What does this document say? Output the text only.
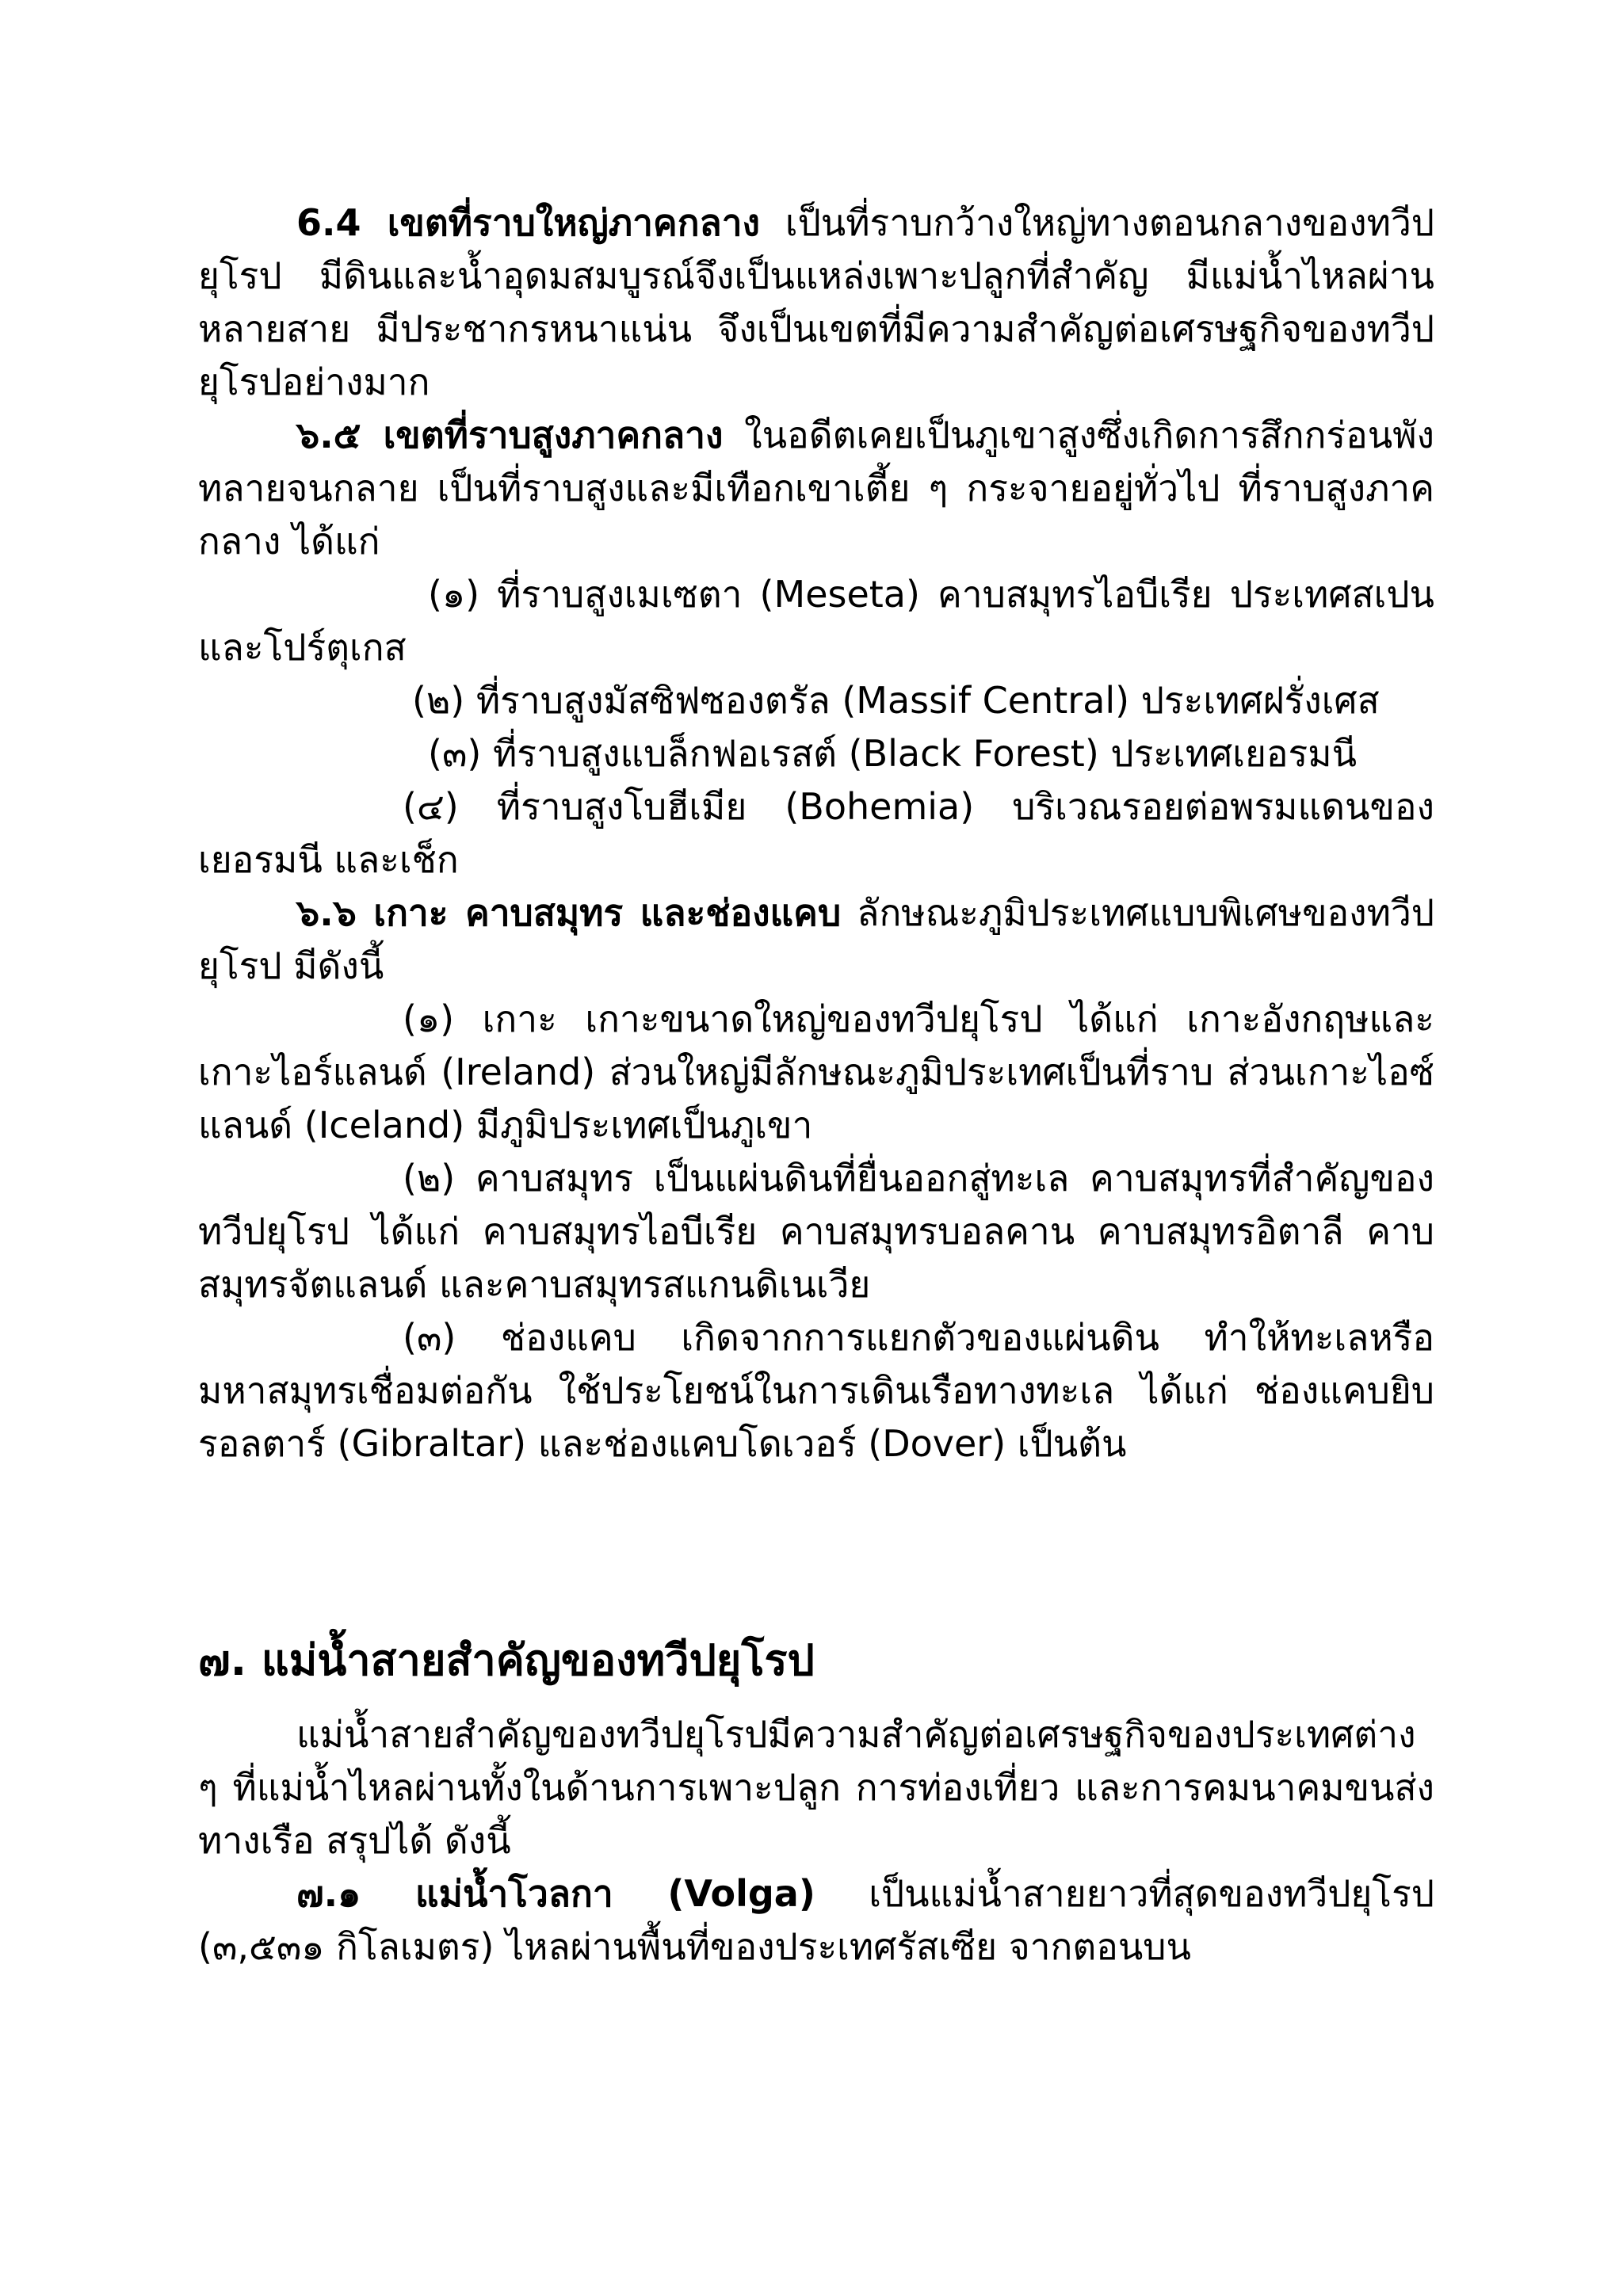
6.4 เขตที่ราบใหญ่ภาคกลาง เป็นที่ราบกว้างใหญ่ทางตอนกลางของทวีปยุโรป มีดินและน้ำอุดมสมบูรณ์จึงเป็นแหล่งเพาะปลูกที่สำคัญ มีแม่น้ำไหลผ่านหลายสาย มีประชากรหนาแน่น จึงเป็นเขตที่มีความสำคัญต่อเศรษฐกิจของทวีปยุโรปอย่างมาก

๖.๕ เขตที่ราบสูงภาคกลาง ในอดีตเคยเป็นภูเขาสูงซึ่งเกิดการสึกกร่อนพังทลายจนกลาย เป็นที่ราบสูงและมีเทือกเขาเตี้ย ๆ กระจายอยู่ทั่วไป ที่ราบสูงภาคกลาง ได้แก่

(๑) ที่ราบสูงเมเซตา (Meseta) คาบสมุทรไอบีเรีย ประเทศสเปนและโปร์ตุเกส

(๒) ที่ราบสูงมัสซิฟซองตรัล (Massif Central) ประเทศฝรั่งเศส

(๓) ที่ราบสูงแบล็กฟอเรสต์ (Black Forest) ประเทศเยอรมนี

(๔) ที่ราบสูงโบฮีเมีย (Bohemia) บริเวณรอยต่อพรมแดนของเยอรมนี และเช็ก

๖.๖ เกาะ คาบสมุทร และช่องแคบ ลักษณะภูมิประเทศแบบพิเศษของทวีปยุโรป มีดังนี้

(๑) เกาะ เกาะขนาดใหญ่ของทวีปยุโรป ได้แก่ เกาะอังกฤษและเกาะไอร์แลนด์ (Ireland) ส่วนใหญ่มีลักษณะภูมิประเทศเป็นที่ราบ ส่วนเกาะไอซ์แลนด์ (Iceland) มีภูมิประเทศเป็นภูเขา

(๒) คาบสมุทร เป็นแผ่นดินที่ยื่นออกสู่ทะเล คาบสมุทรที่สำคัญของทวีปยุโรป ได้แก่ คาบสมุทรไอบีเรีย คาบสมุทรบอลคาน คาบสมุทรอิตาลี คาบสมุทรจัตแลนด์ และคาบสมุทรสแกนดิเนเวีย

(๓) ช่องแคบ เกิดจากการแยกตัวของแผ่นดิน ทำให้ทะเลหรือมหาสมุทรเชื่อมต่อกัน ใช้ประโยชน์ในการเดินเรือทางทะเล ได้แก่ ช่องแคบยิบรอลตาร์ (Gibraltar) และช่องแคบโดเวอร์ (Dover) เป็นต้น

๗. แม่น้ำสายสำคัญของทวีปยุโรป

แม่น้ำสายสำคัญของทวีปยุโรปมีความสำคัญต่อเศรษฐกิจของประเทศต่าง ๆ ที่แม่น้ำไหลผ่านทั้งในด้านการเพาะปลูก การท่องเที่ยว และการคมนาคมขนส่งทางเรือ สรุปได้ ดังนี้

๗.๑ แม่น้ำโวลกา (Volga) เป็นแม่น้ำสายยาวที่สุดของทวีปยุโรป (๓,๕๓๑ กิโลเมตร) ไหลผ่านพื้นที่ของประเทศรัสเซีย จากตอนบน
